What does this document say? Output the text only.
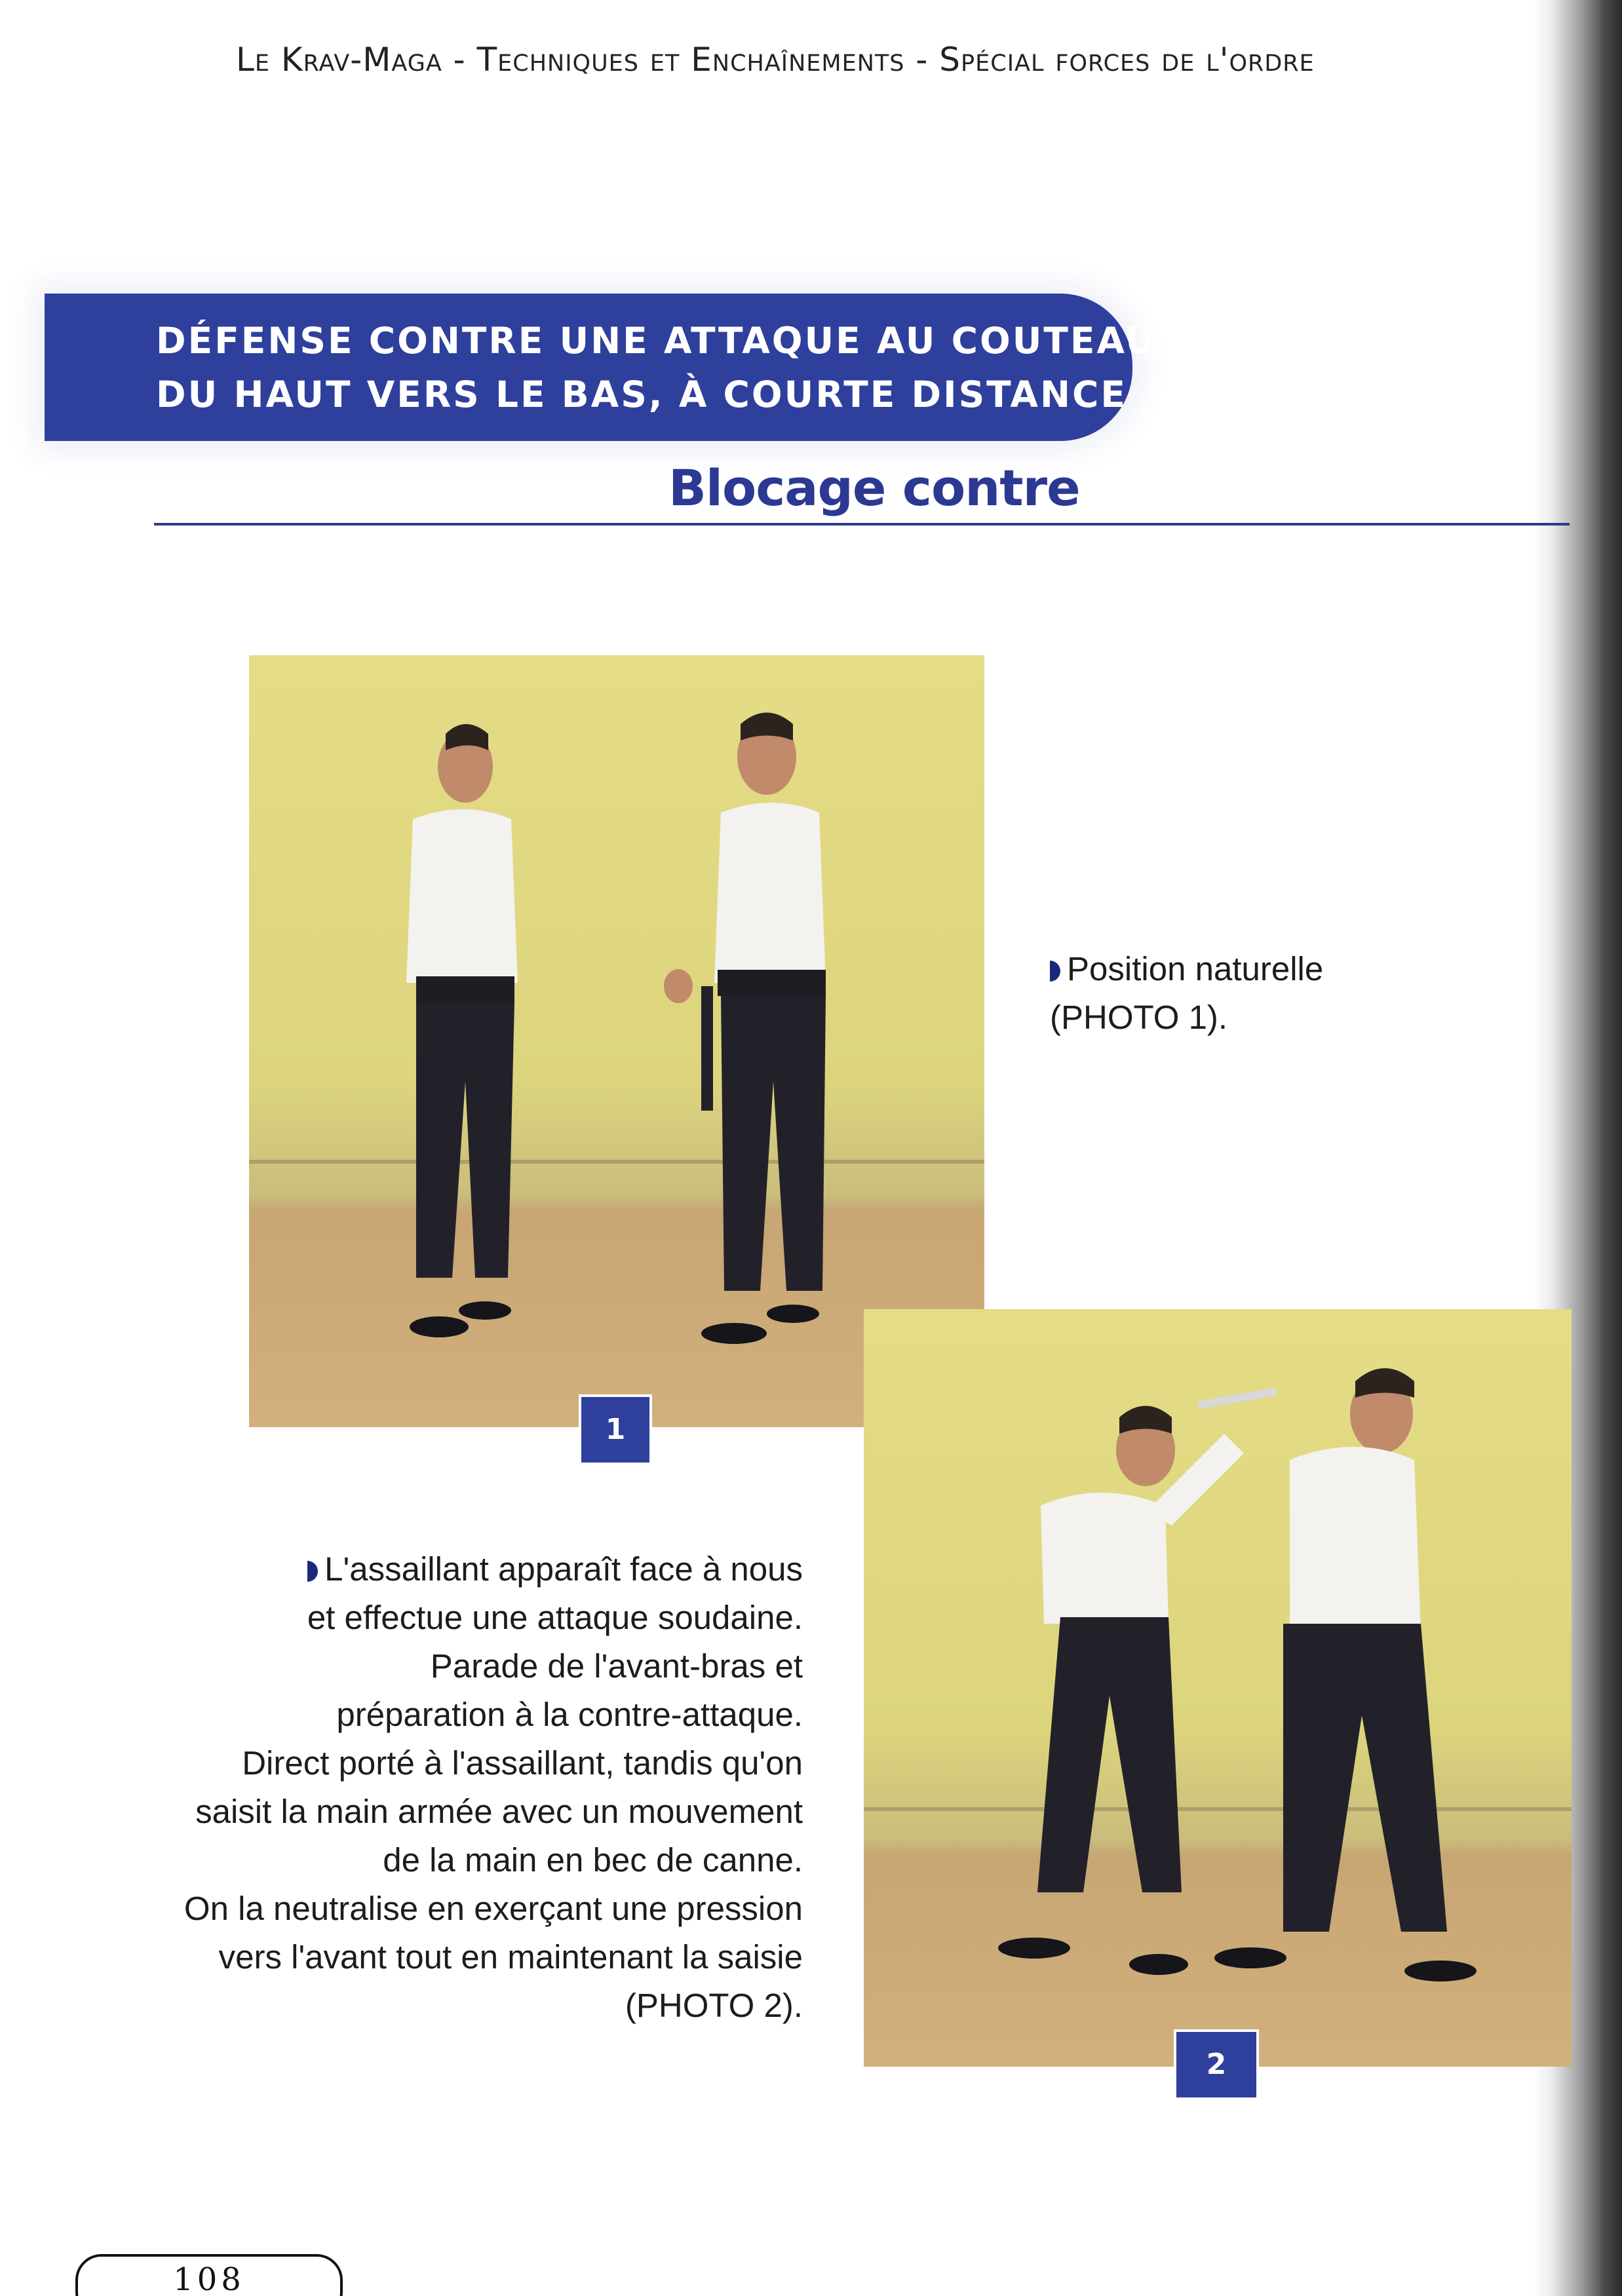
Le Krav-Maga - Techniques et Enchaînements - Spécial forces de l'ordre
DÉFENSE CONTRE UNE ATTAQUE AU COUTEAU,
DU HAUT VERS LE BAS, À COURTE DISTANCE
Blocage contre
1
Position naturelle
(PHOTO 1).
2
L'assaillant apparaît face à nous
et effectue une attaque soudaine.
Parade de l'avant-bras et
préparation à la contre-attaque.
Direct porté à l'assaillant, tandis qu'on
saisit la main armée avec un mouvement
de la main en bec de canne.
On la neutralise en exerçant une pression
vers l'avant tout en maintenant la saisie
(PHOTO 2).
108
